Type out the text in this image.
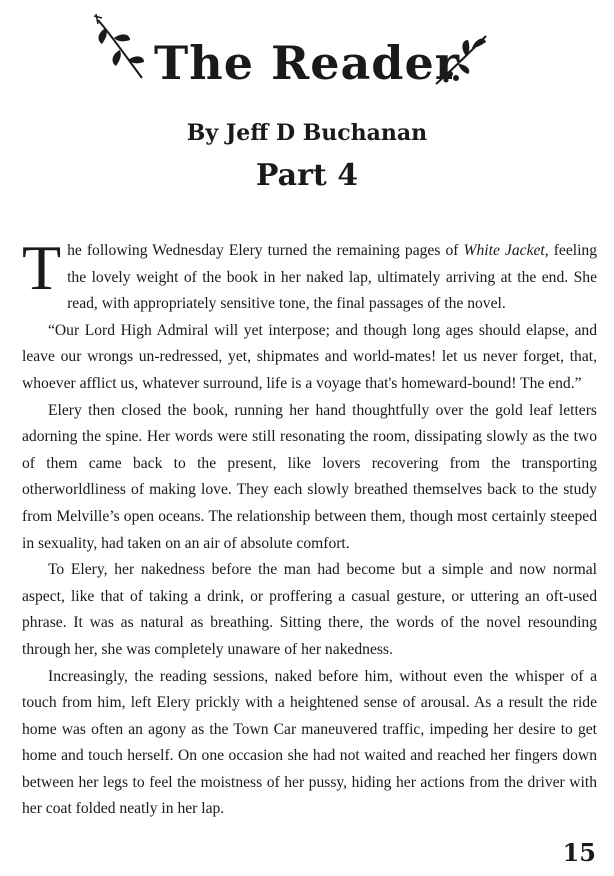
The Reader
By Jeff D Buchanan
Part 4

The following Wednesday Elery turned the remaining pages of White Jacket, feeling the lovely weight of the book in her naked lap, ultimately arriving at the end. She read, with appropriately sensitive tone, the final passages of the novel.

“Our Lord High Admiral will yet interpose; and though long ages should elapse, and leave our wrongs un-redressed, yet, shipmates and world-mates! let us never forget, that, whoever afflict us, whatever surround, life is a voyage that's homeward-bound! The end.”

Elery then closed the book, running her hand thoughtfully over the gold leaf letters adorning the spine. Her words were still resonating the room, dissipating slowly as the two of them came back to the present, like lovers recovering from the transporting otherworldliness of making love. They each slowly breathed themselves back to the study from Melville’s open oceans. The relationship between them, though most certainly steeped in sexuality, had taken on an air of absolute comfort.

To Elery, her nakedness before the man had become but a simple and now normal aspect, like that of taking a drink, or proffering a casual gesture, or uttering an oft-used phrase. It was as natural as breathing. Sitting there, the words of the novel resounding through her, she was completely unaware of her nakedness.

Increasingly, the reading sessions, naked before him, without even the whisper of a touch from him, left Elery prickly with a heightened sense of arousal. As a result the ride home was often an agony as the Town Car maneuvered traffic, impeding her desire to get home and touch herself. On one occasion she had not waited and reached her fingers down between her legs to feel the moistness of her pussy, hiding her actions from the driver with her coat folded neatly in her lap.

15
